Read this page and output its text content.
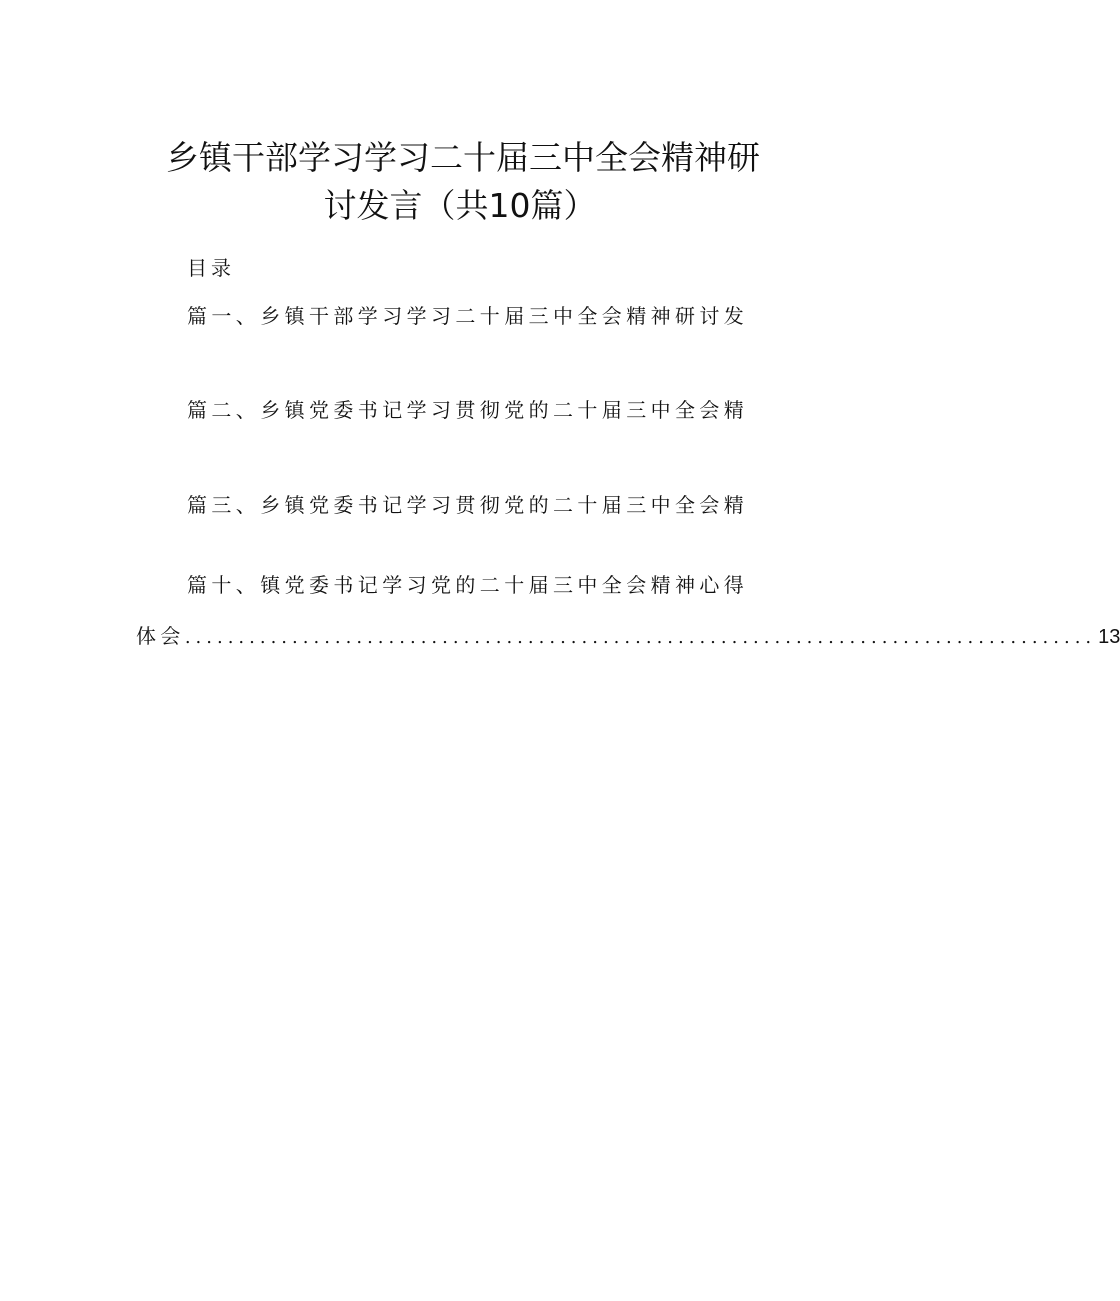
乡镇干部学习学习二十届三中全会精神研
讨发言（共10篇）
目录
篇一、乡镇干部学习学习二十届三中全会精神研讨发
篇二、乡镇党委书记学习贯彻党的二十届三中全会精
篇三、乡镇党委书记学习贯彻党的二十届三中全会精
篇十、镇党委书记学习党的二十届三中全会精神心得
体会 ..................................................................................... 13
